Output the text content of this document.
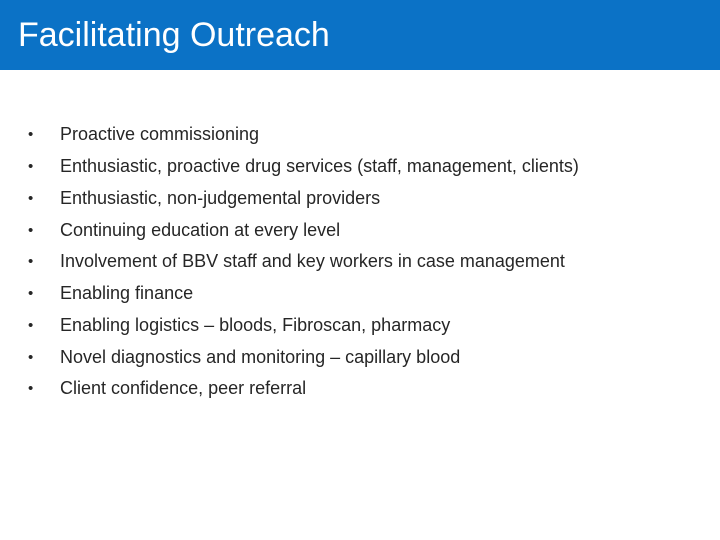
Facilitating Outreach
•	Proactive commissioning
•	Enthusiastic, proactive drug services (staff, management, clients)
•	Enthusiastic, non-judgemental providers
•	Continuing education at every level
•	Involvement of BBV staff and key workers in case management
•	Enabling finance
•	Enabling logistics – bloods, Fibroscan, pharmacy
•	Novel diagnostics and monitoring – capillary blood
•	Client confidence, peer referral
